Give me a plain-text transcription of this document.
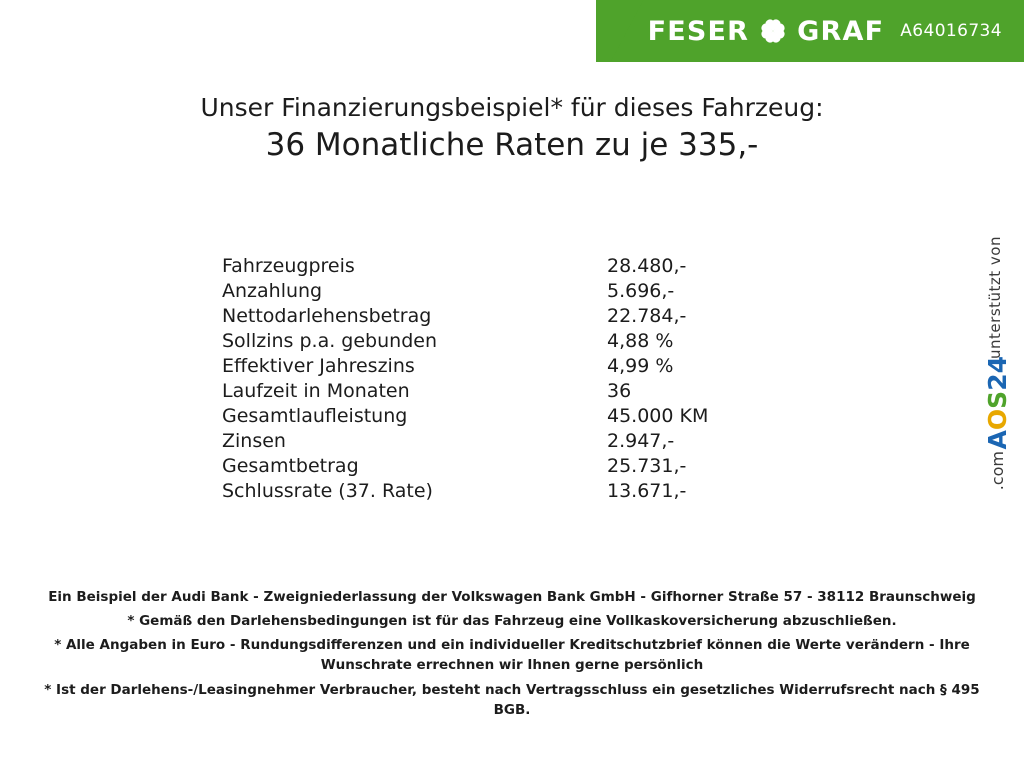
FESER GRAF A64016734
Unser Finanzierungsbeispiel* für dieses Fahrzeug:
36 Monatliche Raten zu je 335,-
Fahrzeugpreis	28.480,-
Anzahlung	5.696,-
Nettodarlehensbetrag	22.784,-
Sollzins p.a. gebunden	4,88 %
Effektiver Jahreszins	4,99 %
Laufzeit in Monaten	36
Gesamtlaufleistung	45.000 KM
Zinsen	2.947,-
Gesamtbetrag	25.731,-
Schlussrate (37. Rate)	13.671,-
unterstützt von
AOS24
.com

Ein Beispiel der Audi Bank - Zweigniederlassung der Volkswagen Bank GmbH - Gifhorner Straße 57 - 38112 Braunschweig

* Gemäß den Darlehensbedingungen ist für das Fahrzeug eine Vollkaskoversicherung abzuschließen.

* Alle Angaben in Euro - Rundungsdifferenzen und ein individueller Kreditschutzbrief können die Werte verändern - Ihre Wunschrate errechnen wir Ihnen gerne persönlich

* Ist der Darlehens-/Leasingnehmer Verbraucher, besteht nach Vertragsschluss ein gesetzliches Widerrufsrecht nach § 495 BGB.
